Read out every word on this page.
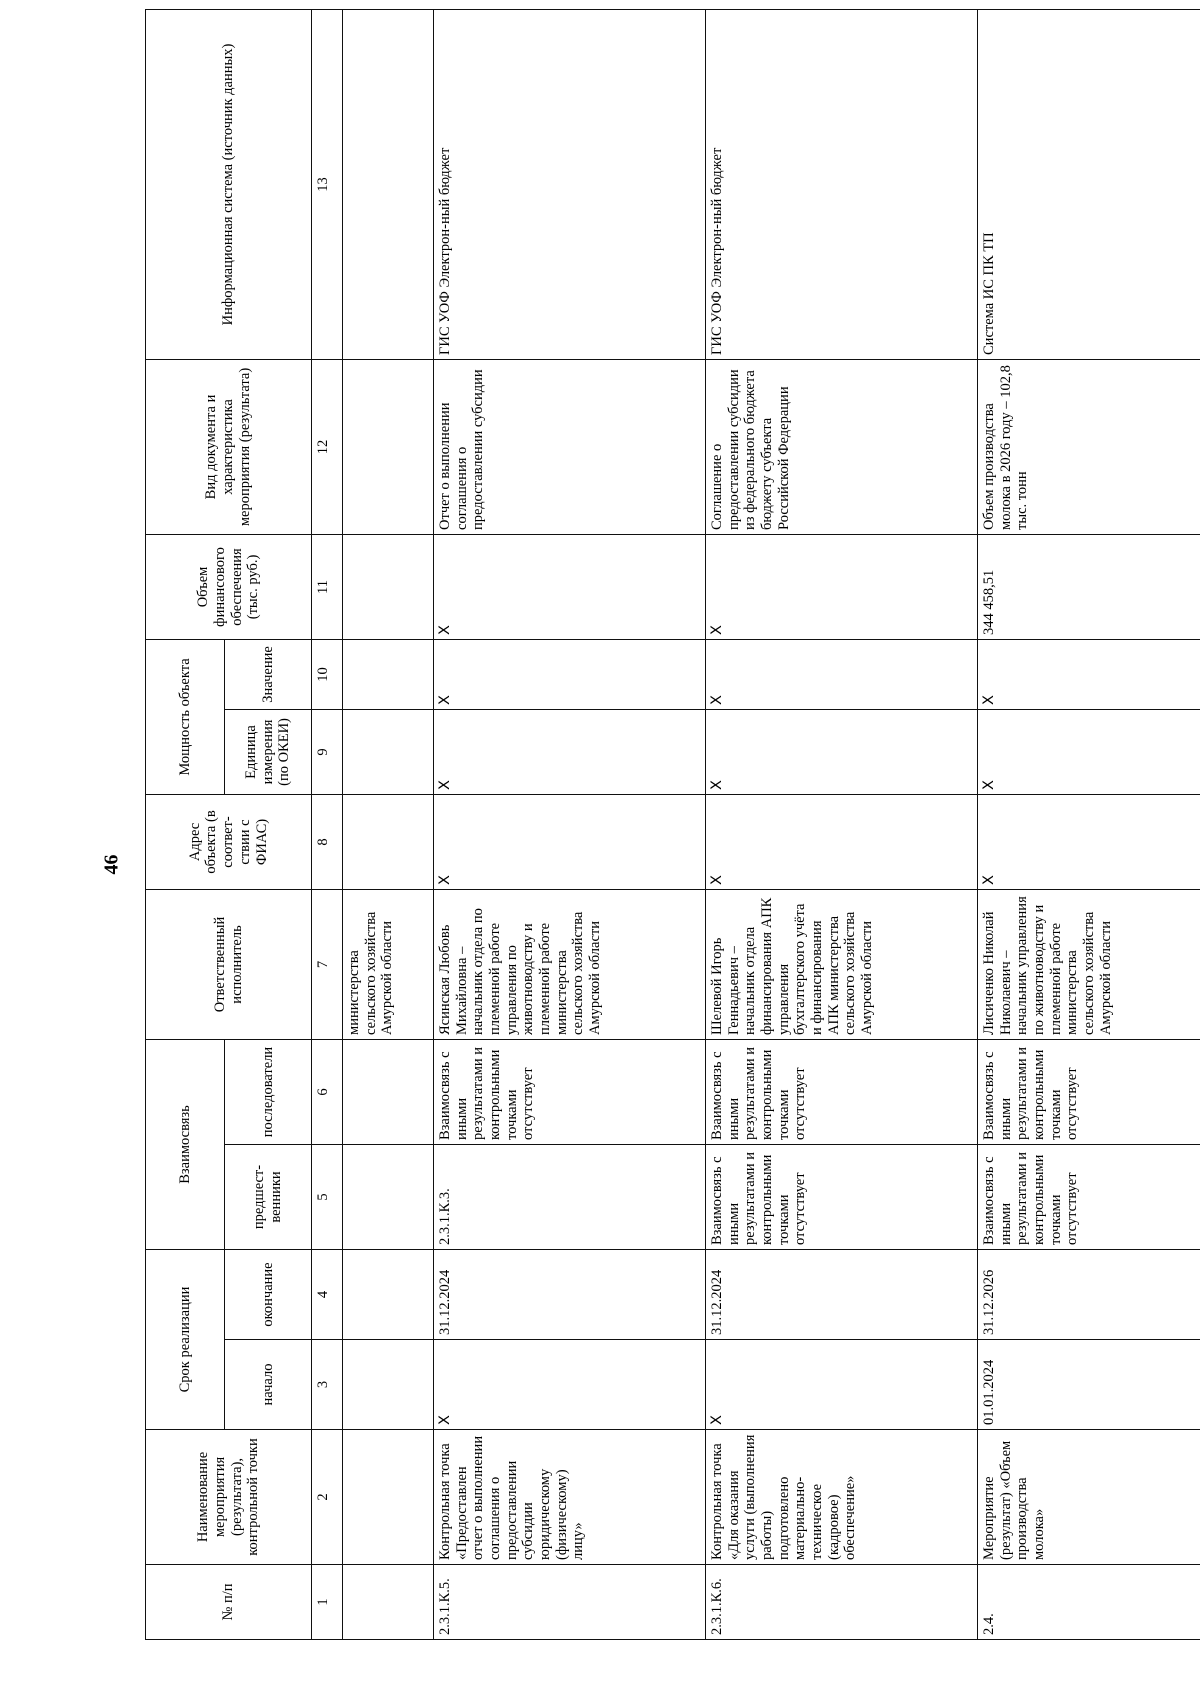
46
№ п/п	Наименование мероприятия (результата), контрольной точки	Срок реализации		Взаимосвязь		Ответственный исполнитель	Адрес объекта (в соответ-ствии с ФИАС)	Мощность объекта		Объем финансового обеспечения (тыс. руб.)	Вид документа и характеристика мероприятия (результата)	Информационная система (источник данных)
		начало	окончание	предшест-венники	последователи			Единица измерения (по ОКЕИ)	Значение			
1	2	3	4	5	6	7	8	9	10	11	12	13
						министерства сельского хозяйства Амурской области						
2.3.1.К.5.	Контрольная точка «Предоставлен отчет о выполнении соглашения о предоставлении субсидии юридическому (физическому) лицу»	Х	31.12.2024	2.3.1.К.3.	Взаимосвязь с иными результатами и контрольными точками отсутствует	Ясинская Любовь Михайловна – начальник отдела по племенной работе управления по животноводству и племенной работе министерства сельского хозяйства Амурской области	Х	Х	Х	Х	Отчет о выполнении соглашения о предоставлении субсидии	ГИС УОФ Электрон-ный бюджет
2.3.1.К.6.	Контрольная точка «Для оказания услуги (выполнения работы) подготовлено материально-техническое (кадровое) обеспечение»	Х	31.12.2024	Взаимосвязь с иными результатами и контрольными точками отсутствует	Взаимосвязь с иными результатами и контрольными точками отсутствует	Шелевой Игорь Геннадьевич – начальник отдела финансирования АПК управления бухгалтерского учёта и финансирования АПК министерства сельского хозяйства Амурской области	Х	Х	Х	Х	Соглашение о предоставлении субсидии из федерального бюджета бюджету субъекта Российской Федерации	ГИС УОФ Электрон-ный бюджет
2.4.	Мероприятие (результат) «Объем производства молока»	01.01.2024	31.12.2026	Взаимосвязь с иными результатами и контрольными точками отсутствует	Взаимосвязь с иными результатами и контрольными точками отсутствует	Лисиченко Николай Николаевич – начальник управления по животноводству и племенной работе министерства сельского хозяйства Амурской области	Х	Х	Х	344 458,51	Объем производства молока в 2026 году – 102,8 тыс. тонн	Система ИС ПК ТП
